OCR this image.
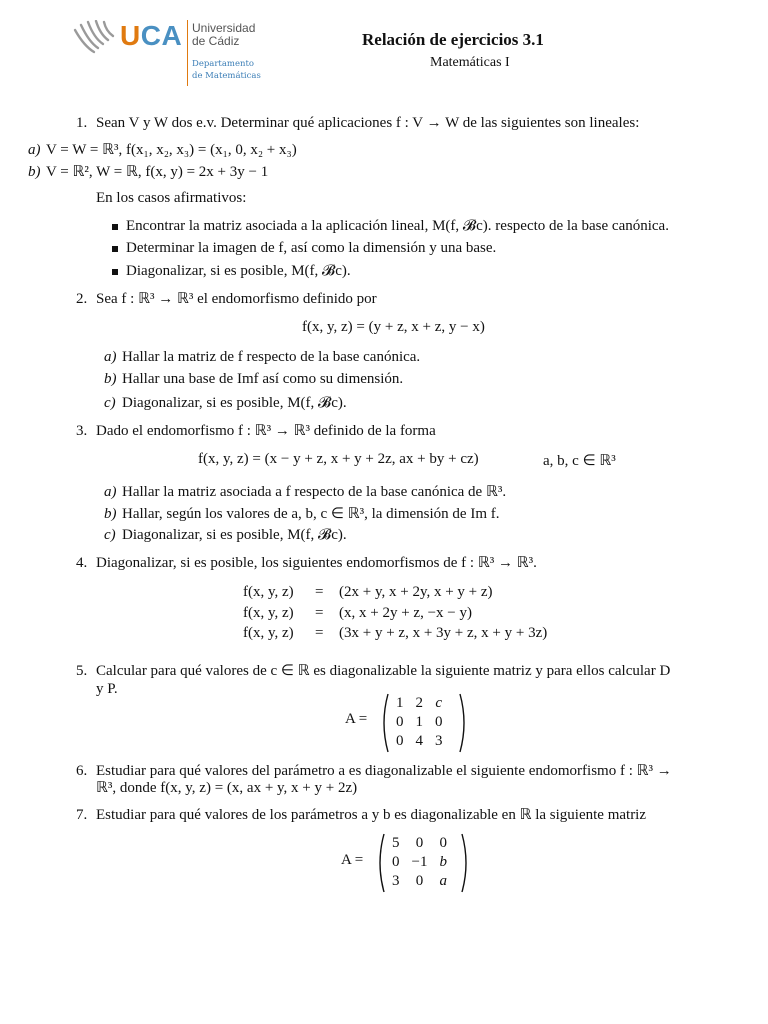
UCA Universidad
de Cádiz
Departamento
de Matemáticas
Relación de ejercicios 3.1
Matemáticas I
1. Sean V y W dos e.v. Determinar qué aplicaciones f : V → W de las siguientes son lineales:
a) V = W = ℝ³, f(x₁, x₂, x₃) = (x₁, 0, x₂ + x₃)
b) V = ℝ², W = ℝ, f(x, y) = 2x + 3y − 1
En los casos afirmativos:
Encontrar la matriz asociada a la aplicación lineal, M(f, 𝓑c). respecto de la base canónica.
Determinar la imagen de f, así como la dimensión y una base.
Diagonalizar, si es posible, M(f, 𝓑c).
2. Sea f : ℝ³ → ℝ³ el endomorfismo definido por
f(x, y, z) = (y + z, x + z, y − x)
a) Hallar la matriz de f respecto de la base canónica.
b) Hallar una base de Imf así como su dimensión.
c) Diagonalizar, si es posible, M(f, 𝓑c).
3. Dado el endomorfismo f : ℝ³ → ℝ³ definido de la forma
f(x, y, z) = (x − y + z, x + y + 2z, ax + by + cz)	a, b, c ∈ ℝ³
a) Hallar la matriz asociada a f respecto de la base canónica de ℝ³.
b) Hallar, según los valores de a, b, c ∈ ℝ³, la dimensión de Im f.
c) Diagonalizar, si es posible, M(f, 𝓑c).
4. Diagonalizar, si es posible, los siguientes endomorfismos de f : ℝ³ → ℝ³.
f(x, y, z) = (2x + y, x + 2y, x + y + z)
f(x, y, z) = (x, x + 2y + z, −x − y)
f(x, y, z) = (3x + y + z, x + 3y + z, x + y + 3z)
5. Calcular para qué valores de c ∈ ℝ es diagonalizable la siguiente matriz y para ellos calcular D
y P.
A =
1	2	c
0	1	0
0	4	3
6. Estudiar para qué valores del parámetro a es diagonalizable el siguiente endomorfismo f : ℝ³ →
ℝ³, donde f(x, y, z) = (x, ax + y, x + y + 2z)
7. Estudiar para qué valores de los parámetros a y b es diagonalizable en ℝ la siguiente matriz
A =
5	0	0
0	−1	b
3	0	a
